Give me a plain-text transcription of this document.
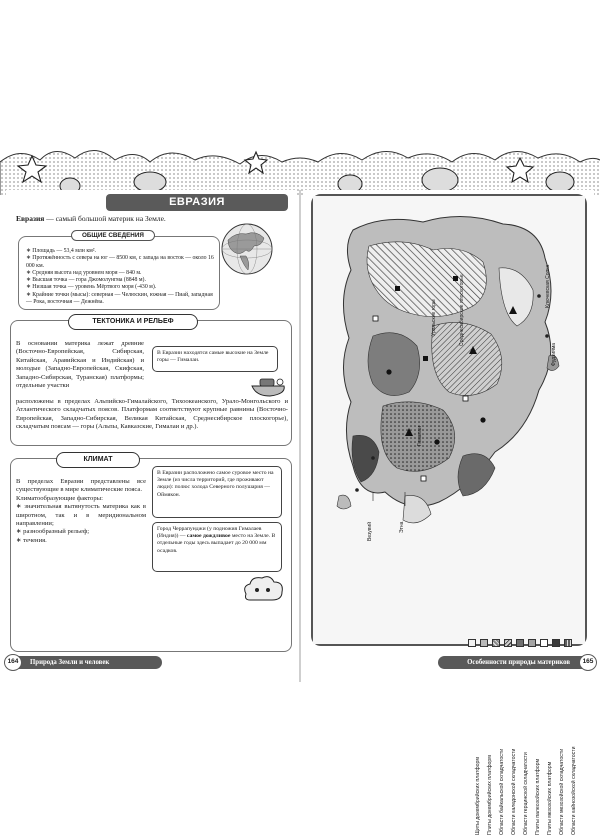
ЕВРАЗИЯ
Евразия — самый большой материк на Земле.
ОБЩИЕ СВЕДЕНИЯ
∗ Площадь — 53,4 млн км².
∗ Протяжённость с севера на юг — 8500 км, с запада на восток — около 16 000 км.
∗ Средняя высота над уровнем моря — 840 м.
∗ Высшая точка — гора Джомолунгма (8848 м).
∗ Низшая точка — уровень Мёртвого моря (-430 м).
∗ Крайние точки (мысы): северная — Челюскин, южная — Пиай, западная — Рока, восточная — Дежнёва.
ТЕКТОНИКА И РЕЛЬЕФ
В основании материка лежат древние (Восточно-Европейская, Сибирская, Китайская, Аравийская и Индийская) и молодые (Западно-Европейская, Скифская, Западно-Сибирская, Туранская) платформы; отдельные участки
В Евразии находятся самые высокие на Земле горы — Гималаи.
расположены в пределах Альпийско-Гималайского, Тихоокеанского, Урало-Монгольского и Атлантического складчатых поясов. Платформам соответствуют крупные равнины (Восточно-Европейская, Западно-Сибирская, Великая Китайская, Среднесибирское плоскогорье), складчатым поясам — горы (Альпы, Кавказские, Гималаи и др.).
КЛИМАТ
В пределах Евразии представлены все существующие в мире климатические пояса.
Климатообразующие факторы:
∗ значительная вытянутость материка как в широтном, так и в меридиональном направлении;
∗ разнообразный рельеф;
∗ течения.
В Евразии расположено самое суровое место на Земле (из числа территорий, где проживают люди): полюс холода Северного полушария — Оймякон.
Город Черрапунджи (у подножия Гималаев (Индия)) — самое дождливое место на Земле. В отдельные годы здесь выпадает до 20 000 мм осадков.
Природа Земли и человек
164
Гималаи
Уральские горы	Среднесибирское плоскогорье	Ключевская Сопка
Фудзияма
Везувий	Этна
Щиты докембрийских платформ Плиты докембрийских платформ Области байкальской складчатости Области каледонской складчатости Области герцинской складчатости Плиты палеозойских платформ Плиты мезозойских платформ Области мезозойской складчатости Области кайнозойской складчатости
Особенности природы материков	165
